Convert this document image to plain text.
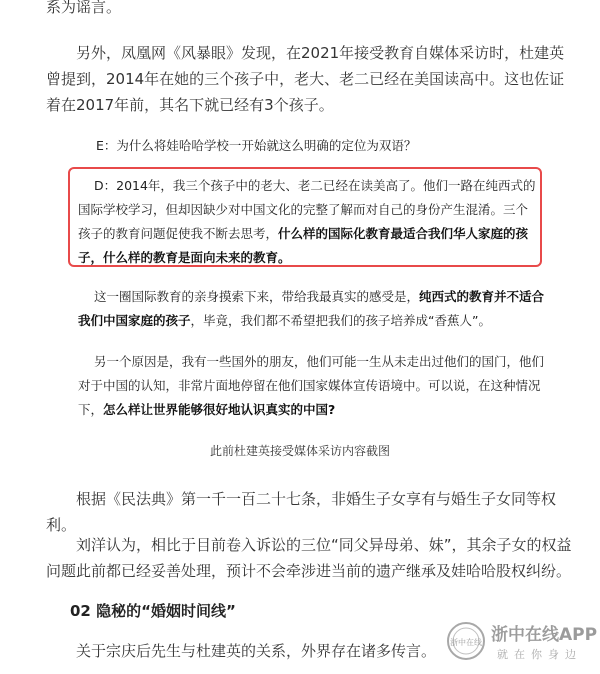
系为谣言。

另外，凤凰网《风暴眼》发现，在2021年接受教育自媒体采访时，杜建英曾提到，2014年在她的三个孩子中，老大、老二已经在美国读高中。这也佐证着在2017年前，其名下就已经有3个孩子。

E：为什么将娃哈哈学校一开始就这么明确的定位为双语？

D：2014年，我三个孩子中的老大、老二已经在读美高了。他们一路在纯西式的国际学校学习，但却因缺少对中国文化的完整了解而对自己的身份产生混淆。三个孩子的教育问题促使我不断去思考，什么样的国际化教育最适合我们华人家庭的孩子，什么样的教育是面向未来的教育。

这一圈国际教育的亲身摸索下来，带给我最真实的感受是，纯西式的教育并不适合我们中国家庭的孩子，毕竟，我们都不希望把我们的孩子培养成“香蕉人”。

另一个原因是，我有一些国外的朋友，他们可能一生从未走出过他们的国门，他们对于中国的认知，非常片面地停留在他们国家媒体宣传语境中。可以说，在这种情况下，怎么样让世界能够很好地认识真实的中国?

此前杜建英接受媒体采访内容截图

根据《民法典》第一千一百二十七条，非婚生子女享有与婚生子女同等权利。

刘洋认为，相比于目前卷入诉讼的三位“同父异母弟、妹”，其余子女的权益问题此前都已经妥善处理，预计不会牵涉进当前的遗产继承及娃哈哈股权纠纷。

02 隐秘的“婚姻时间线”

关于宗庆后先生与杜建英的关系，外界存在诸多传言。	浙中在线 浙中在线APP
就在你身边
